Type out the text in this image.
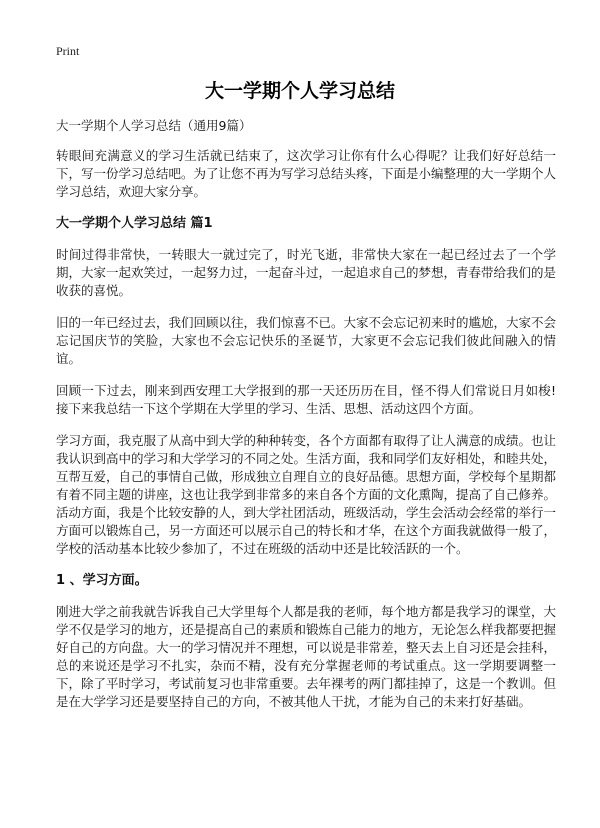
Print
大一学期个人学习总结
大一学期个人学习总结（通用9篇）

转眼间充满意义的学习生活就已结束了，这次学习让你有什么心得呢？让我们好好总结一下，写一份学习总结吧。为了让您不再为写学习总结头疼，下面是小编整理的大一学期个人学习总结，欢迎大家分享。

大一学期个人学习总结 篇1

时间过得非常快，一转眼大一就过完了，时光飞逝，非常快大家在一起已经过去了一个学期，大家一起欢笑过，一起努力过，一起奋斗过，一起追求自己的梦想，青春带给我们的是收获的喜悦。

旧的一年已经过去，我们回顾以往，我们惊喜不已。大家不会忘记初来时的尴尬，大家不会忘记国庆节的笑脸，大家也不会忘记快乐的圣诞节，大家更不会忘记我们彼此间融入的情谊。

回顾一下过去，刚来到西安理工大学报到的那一天还历历在目，怪不得人们常说日月如梭!接下来我总结一下这个学期在大学里的学习、生活、思想、活动这四个方面。

学习方面，我克服了从高中到大学的种种转变，各个方面都有取得了让人满意的成绩。也让我认识到高中的学习和大学学习的不同之处。生活方面，我和同学们友好相处，和睦共处，互帮互爱，自己的事情自己做，形成独立自理自立的良好品德。思想方面，学校每个星期都有着不同主题的讲座，这也让我学到非常多的来自各个方面的文化熏陶，提高了自己修养。活动方面，我是个比较安静的人，到大学社团活动，班级活动，学生会活动会经常的举行一方面可以锻炼自己，另一方面还可以展示自己的特长和才华，在这个方面我就做得一般了，学校的活动基本比较少参加了，不过在班级的活动中还是比较活跃的一个。

1 、学习方面。

刚进大学之前我就告诉我自己大学里每个人都是我的老师，每个地方都是我学习的课堂，大学不仅是学习的地方，还是提高自己的素质和锻炼自己能力的地方，无论怎么样我都要把握好自己的方向盘。大一的学习情况并不理想，可以说是非常差，整天去上自习还是会挂科，总的来说还是学习不扎实，杂而不精，没有充分掌握老师的考试重点。这一学期要调整一下，除了平时学习，考试前复习也非常重要。去年裸考的两门都挂掉了，这是一个教训。但是在大学学习还是要坚持自己的方向，不被其他人干扰，才能为自己的未来打好基础。
